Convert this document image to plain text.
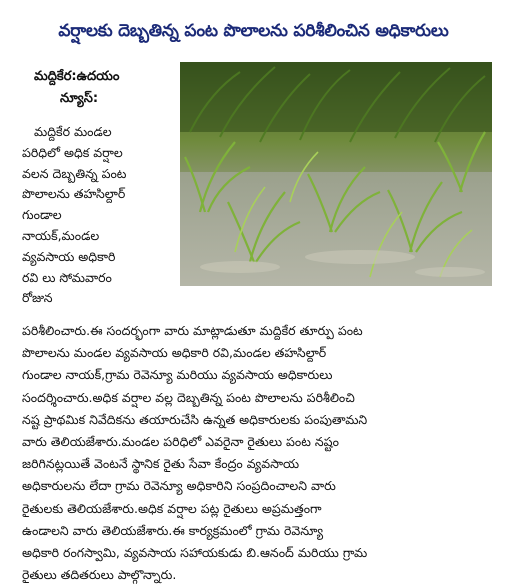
వర్షాలకు దెబ్బతిన్న పంట పొలాలను పరిశీలించిన అధికారులు
మద్దికేర:ఉదయం
న్యూస్:
మద్దికేర మండల
పరిధిలో అధిక వర్షాల
వలన దెబ్బతిన్న పంట
పొలాలను తహసిల్దార్
గుండాల
నాయక్,మండల
వ్యవసాయ అధికారి
రవి లు సోమవారం
రోజున
పరిశీలించారు.ఈ సందర్భంగా వారు మాట్లాడుతూ మద్దికేర తూర్పు పంట
పొలాలను మండల వ్యవసాయ అధికారి రవి,మండల తహసిల్దార్
గుండాల నాయక్,గ్రామ రెవెన్యూ మరియు వ్యవసాయ అధికారులు
సందర్శించారు.అధిక వర్షాల వల్ల దెబ్బతిన్న పంట పొలాలను పరిశీలించి
నష్ట ప్రాథమిక నివేదికను తయారుచేసి ఉన్నత అధికారులకు పంపుతామని
వారు తెలియజేశారు.మండల పరిధిలో ఎవరైనా రైతులు పంట నష్టం
జరిగినట్లయితే వెంటనే స్థానిక రైతు సేవా కేంద్రం వ్యవసాయ
అధికారులను లేదా గ్రామ రెవెన్యూ అధికారిని సంప్రదించాలని వారు
రైతులకు తెలియజేశారు.అధిక వర్షాల పట్ల రైతులు అప్రమత్తంగా
ఉండాలని వారు తెలియజేశారు.ఈ కార్యక్రమంలో గ్రామ రెవెన్యూ
అధికారి రంగస్వామి, వ్యవసాయ సహాయకుడు బి.ఆనంద్ మరియు గ్రామ
రైతులు తదితరులు పాల్గొన్నారు.
